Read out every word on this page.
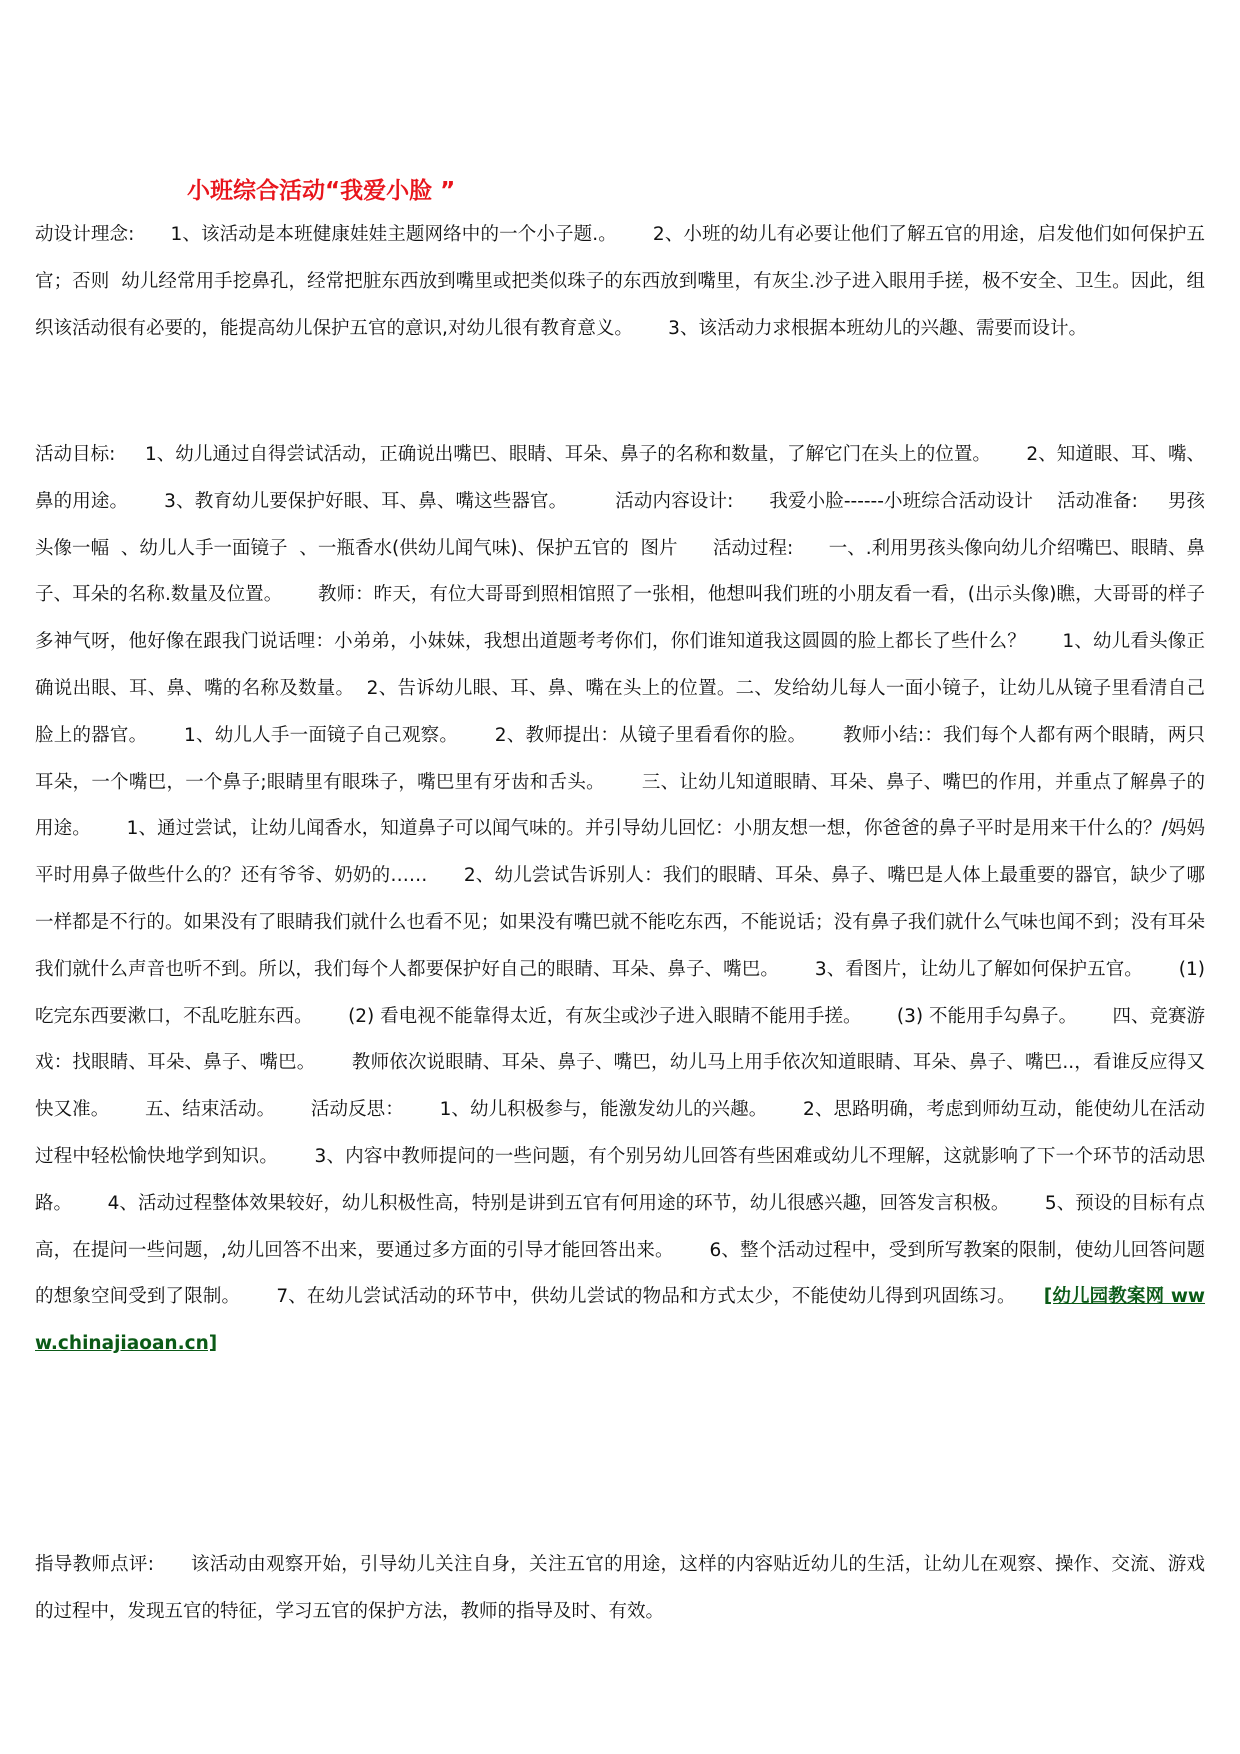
小班综合活动“我爱小脸 ”

动设计理念:      1、该活动是本班健康娃娃主题网络中的一个小子题.。      2、小班的幼儿有必要让他们了解五官的用途，启发他们如何保护五官；否则  幼儿经常用手挖鼻孔，经常把脏东西放到嘴里或把类似珠子的东西放到嘴里，有灰尘.沙子进入眼用手搓，极不安全、卫生。因此，组织该活动很有必要的，能提高幼儿保护五官的意识,对幼儿很有教育意义。      3、该活动力求根据本班幼儿的兴趣、需要而设计。

活动目标:     1、幼儿通过自得尝试活动，正确说出嘴巴、眼睛、耳朵、鼻子的名称和数量，了解它门在头上的位置。      2、知道眼、耳、嘴、鼻的用途。      3、教育幼儿要保护好眼、耳、鼻、嘴这些器官。        活动内容设计:      我爱小脸------小班综合活动设计    活动准备:     男孩头像一幅  、幼儿人手一面镜子  、一瓶香水(供幼儿闻气味)、保护五官的  图片      活动过程:      一、.利用男孩头像向幼儿介绍嘴巴、眼睛、鼻子、耳朵的名称.数量及位置。      教师：昨天，有位大哥哥到照相馆照了一张相，他想叫我们班的小朋友看一看，(出示头像)瞧，大哥哥的样子多神气呀，他好像在跟我门说话哩：小弟弟，小妹妹，我想出道题考考你们，你们谁知道我这圆圆的脸上都长了些什么？      1、幼儿看头像正确说出眼、耳、鼻、嘴的名称及数量。  2、告诉幼儿眼、耳、鼻、嘴在头上的位置。二、发给幼儿每人一面小镜子，让幼儿从镜子里看清自己脸上的器官。      1、幼儿人手一面镜子自己观察。      2、教师提出：从镜子里看看你的脸。      教师小结:：我们每个人都有两个眼睛，两只耳朵，一个嘴巴，一个鼻子;眼睛里有眼珠子，嘴巴里有牙齿和舌头。      三、让幼儿知道眼睛、耳朵、鼻子、嘴巴的作用，并重点了解鼻子的用途。      1、通过尝试，让幼儿闻香水，知道鼻子可以闻气味的。并引导幼儿回忆：小朋友想一想，你爸爸的鼻子平时是用来干什么的？/妈妈平时用鼻子做些什么的？还有爷爷、奶奶的……      2、幼儿尝试告诉别人：我们的眼睛、耳朵、鼻子、嘴巴是人体上最重要的器官，缺少了哪一样都是不行的。如果没有了眼睛我们就什么也看不见；如果没有嘴巴就不能吃东西，不能说话；没有鼻子我们就什么气味也闻不到；没有耳朵我们就什么声音也听不到。所以，我们每个人都要保护好自己的眼睛、耳朵、鼻子、嘴巴。      3、看图片，让幼儿了解如何保护五官。      (1) 吃完东西要漱口，不乱吃脏东西。      (2) 看电视不能靠得太近，有灰尘或沙子进入眼睛不能用手搓。      (3) 不能用手勾鼻子。      四、竞赛游戏：找眼睛、耳朵、鼻子、嘴巴。      教师依次说眼睛、耳朵、鼻子、嘴巴，幼儿马上用手依次知道眼睛、耳朵、鼻子、嘴巴..，看谁反应得又快又准。      五、结束活动。      活动反思：      1、幼儿积极参与，能激发幼儿的兴趣。      2、思路明确，考虑到师幼互动，能使幼儿在活动过程中轻松愉快地学到知识。      3、内容中教师提问的一些问题，有个别另幼儿回答有些困难或幼儿不理解，这就影响了下一个环节的活动思路。      4、活动过程整体效果较好，幼儿积极性高，特别是讲到五官有何用途的环节，幼儿很感兴趣，回答发言积极。      5、预设的目标有点高，在提问一些问题，,幼儿回答不出来，要通过多方面的引导才能回答出来。      6、整个活动过程中，受到所写教案的限制，使幼儿回答问题的想象空间受到了限制。      7、在幼儿尝试活动的环节中，供幼儿尝试的物品和方式太少，不能使幼儿得到巩固练习。 [幼儿园教案网 www.chinajiaoan.cn]

指导教师点评:      该活动由观察开始，引导幼儿关注自身，关注五官的用途，这样的内容贴近幼儿的生活，让幼儿在观察、操作、交流、游戏的过程中，发现五官的特征，学习五官的保护方法，教师的指导及时、有效。
